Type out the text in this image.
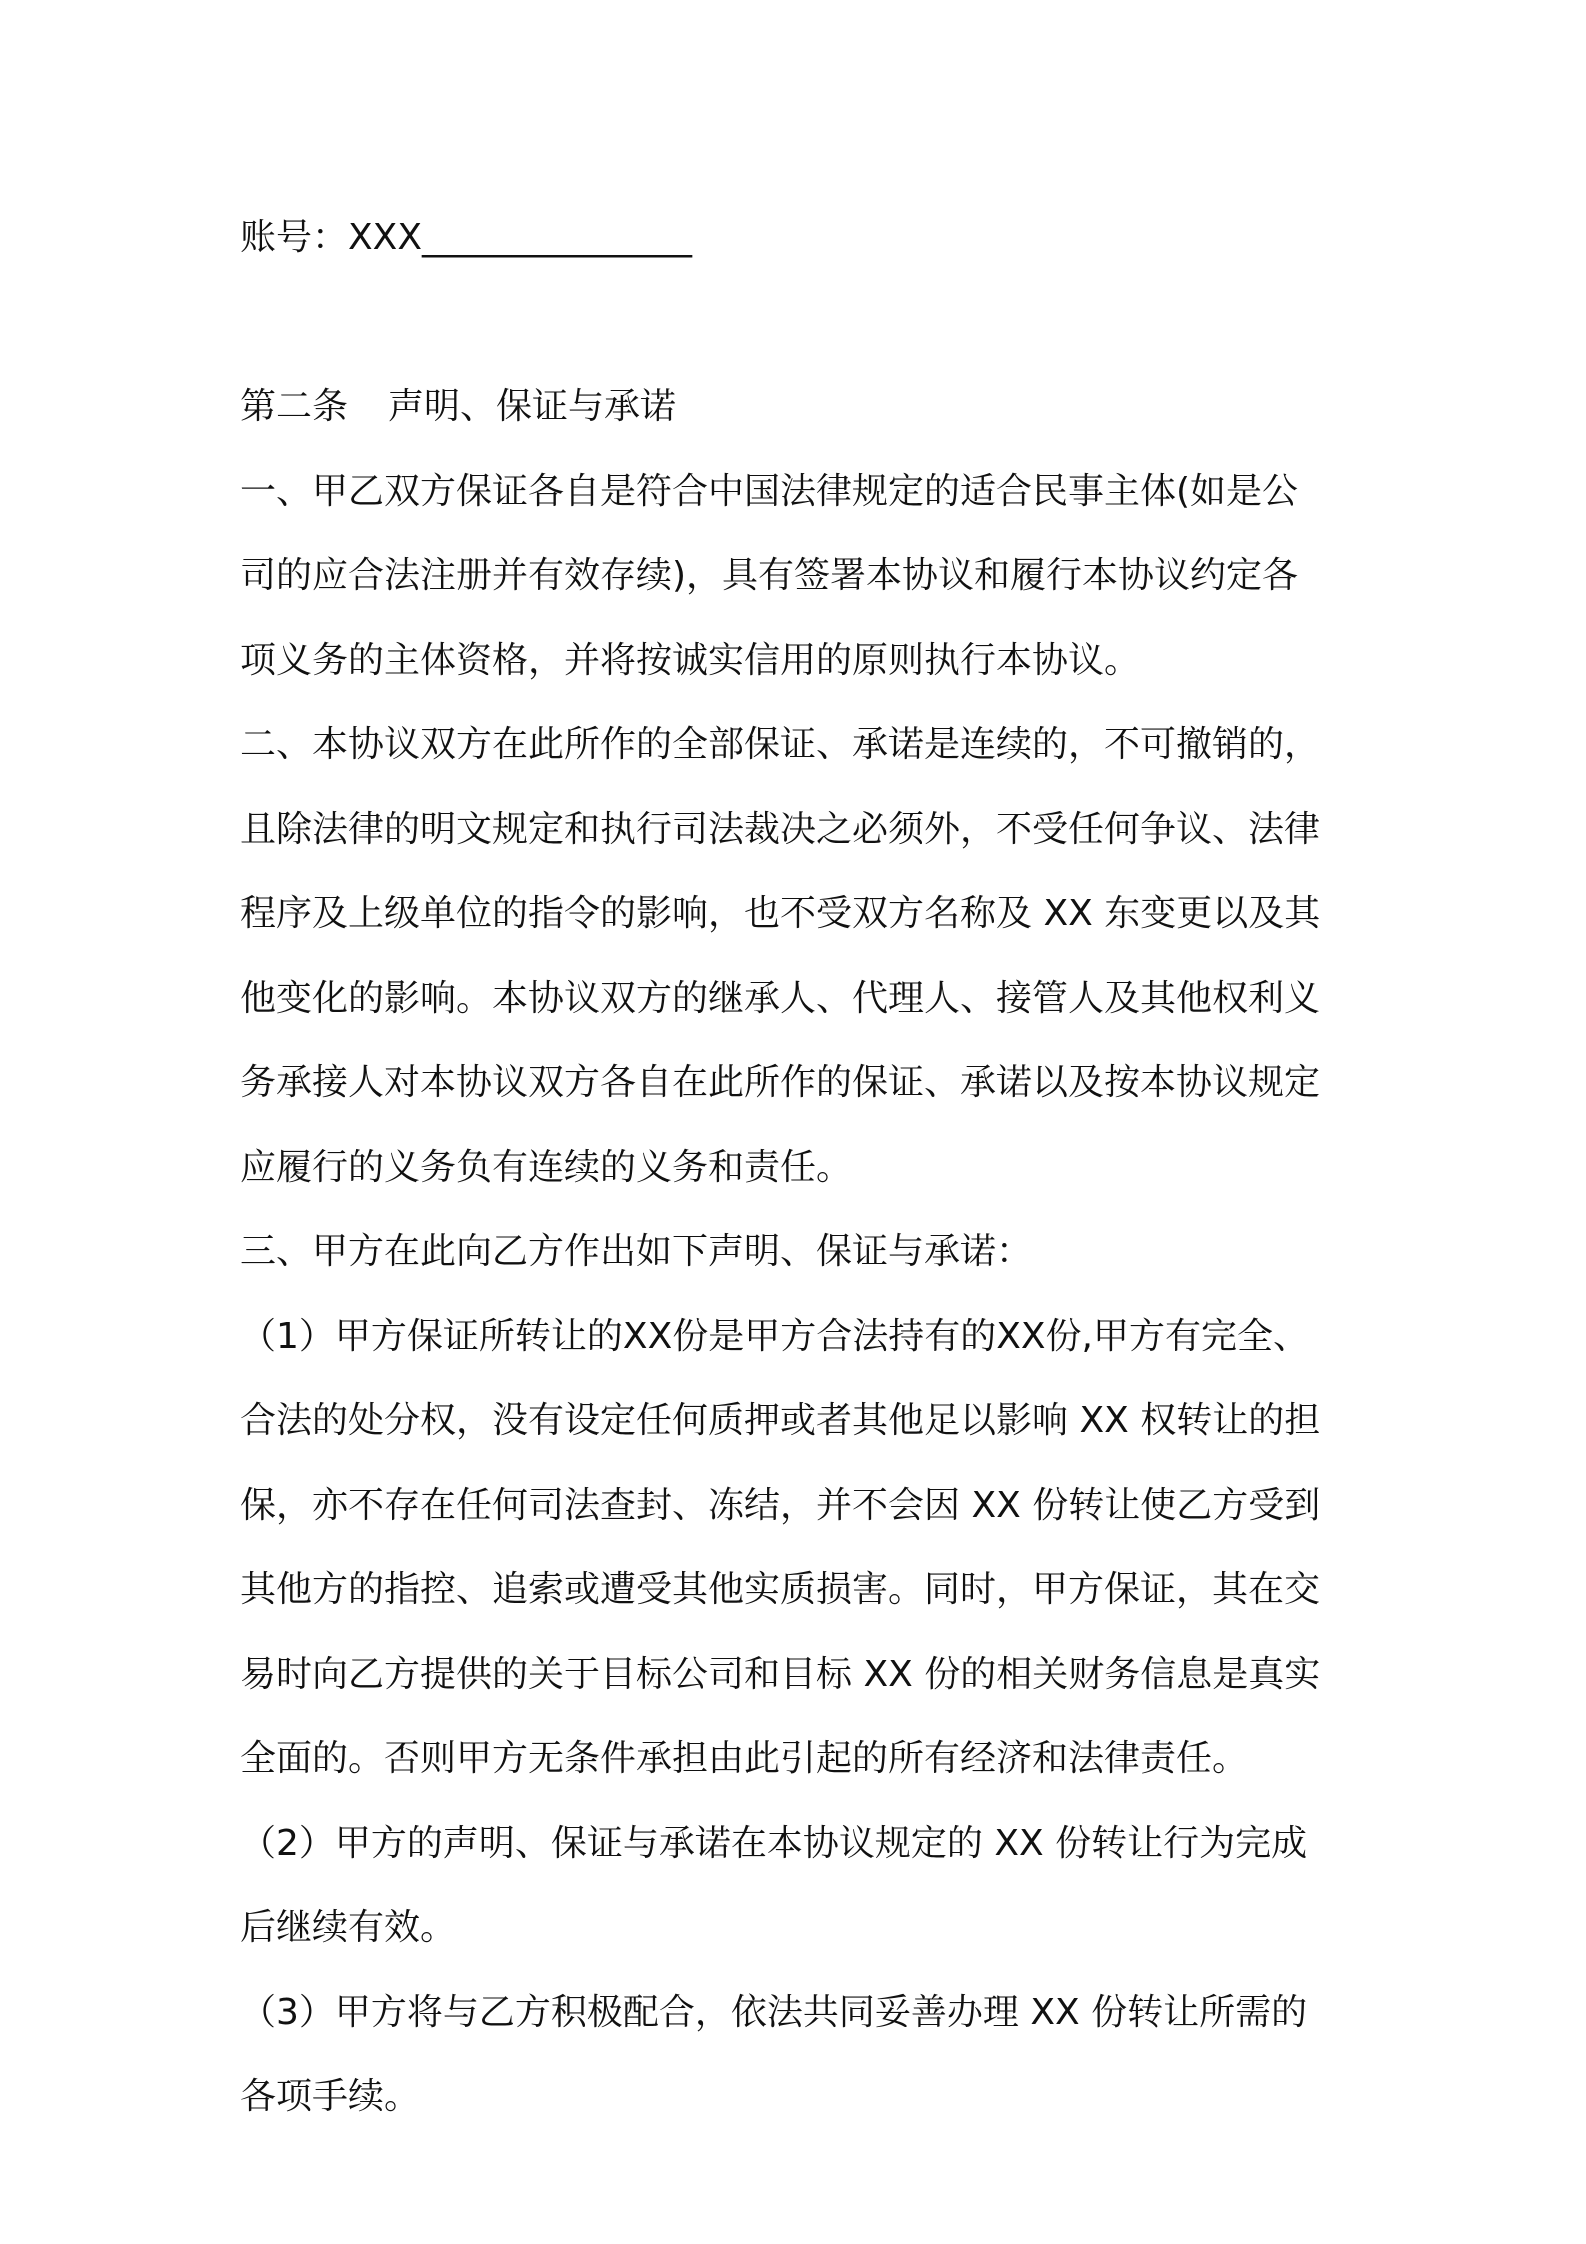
账号：XXX_______________
第二条 声明、保证与承诺
一、甲乙双方保证各自是符合中国法律规定的适合民事主体(如是公
司的应合法注册并有效存续)，具有签署本协议和履行本协议约定各
项义务的主体资格，并将按诚实信用的原则执行本协议。
二、本协议双方在此所作的全部保证、承诺是连续的，不可撤销的，
且除法律的明文规定和执行司法裁决之必须外，不受任何争议、法律
程序及上级单位的指令的影响，也不受双方名称及 XX 东变更以及其
他变化的影响。本协议双方的继承人、代理人、接管人及其他权利义
务承接人对本协议双方各自在此所作的保证、承诺以及按本协议规定
应履行的义务负有连续的义务和责任。
三、甲方在此向乙方作出如下声明、保证与承诺：
（1）甲方保证所转让的XX份是甲方合法持有的XX份,甲方有完全、
合法的处分权，没有设定任何质押或者其他足以影响 XX 权转让的担
保，亦不存在任何司法查封、冻结，并不会因 XX 份转让使乙方受到
其他方的指控、追索或遭受其他实质损害。同时，甲方保证，其在交
易时向乙方提供的关于目标公司和目标 XX 份的相关财务信息是真实
全面的。否则甲方无条件承担由此引起的所有经济和法律责任。
（2）甲方的声明、保证与承诺在本协议规定的 XX 份转让行为完成
后继续有效。
（3）甲方将与乙方积极配合，依法共同妥善办理 XX 份转让所需的
各项手续。
